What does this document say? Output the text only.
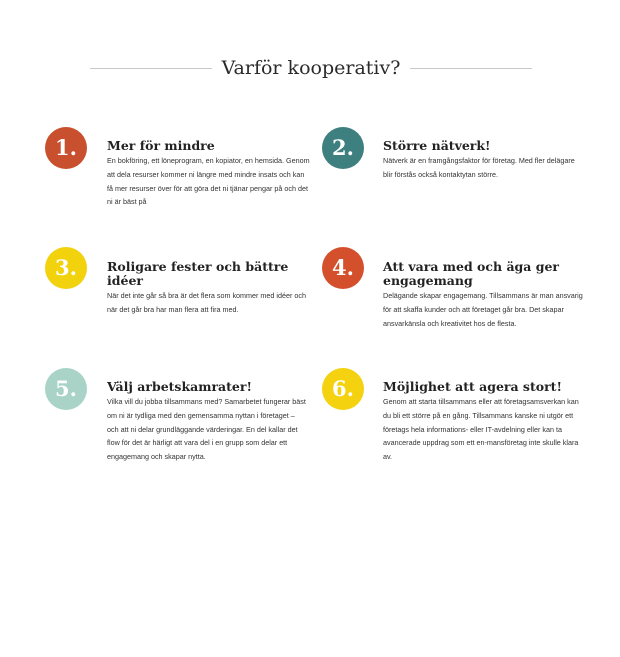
Varför kooperativ?
1.	Mer för mindre

En bokföring, ett löneprogram, en kopiator, en hemsida. Genom att dela resurser kommer ni längre med mindre insats och kan få mer resurser över för att göra det ni tjänar pengar på och det ni är bäst på

2.	Större nätverk!

Nätverk är en framgångsfaktor för företag. Med fler delägare blir förstås också kontaktytan större.

3.	Roligare fester och bättre idéer

När det inte går så bra är det flera som kommer med idéer och när det går bra har man flera att fira med.

4.	Att vara med och äga ger engagemang

Delägande skapar engagemang. Tillsammans är man ansvarig för att skaffa kunder och att företaget går bra. Det skapar ansvarkänsla och kreativitet hos de flesta.

5.	Välj arbetskamrater!

Vilka vill du jobba tillsammans med? Samarbetet fungerar bäst om ni är tydliga med den gemensamma nyttan i företaget – och att ni delar grundläggande värderingar. En del kallar det flow för det är härligt att vara del i en grupp som delar ett engagemang och skapar nytta.

6.	Möjlighet att agera stort!

Genom att starta tillsammans eller att företagsamsverkan kan du bli ett större på en gång. Tillsammans kanske ni utgör ett företags hela informations- eller IT-avdelning eller kan ta avancerade uppdrag som ett en-mansföretag inte skulle klara av.
